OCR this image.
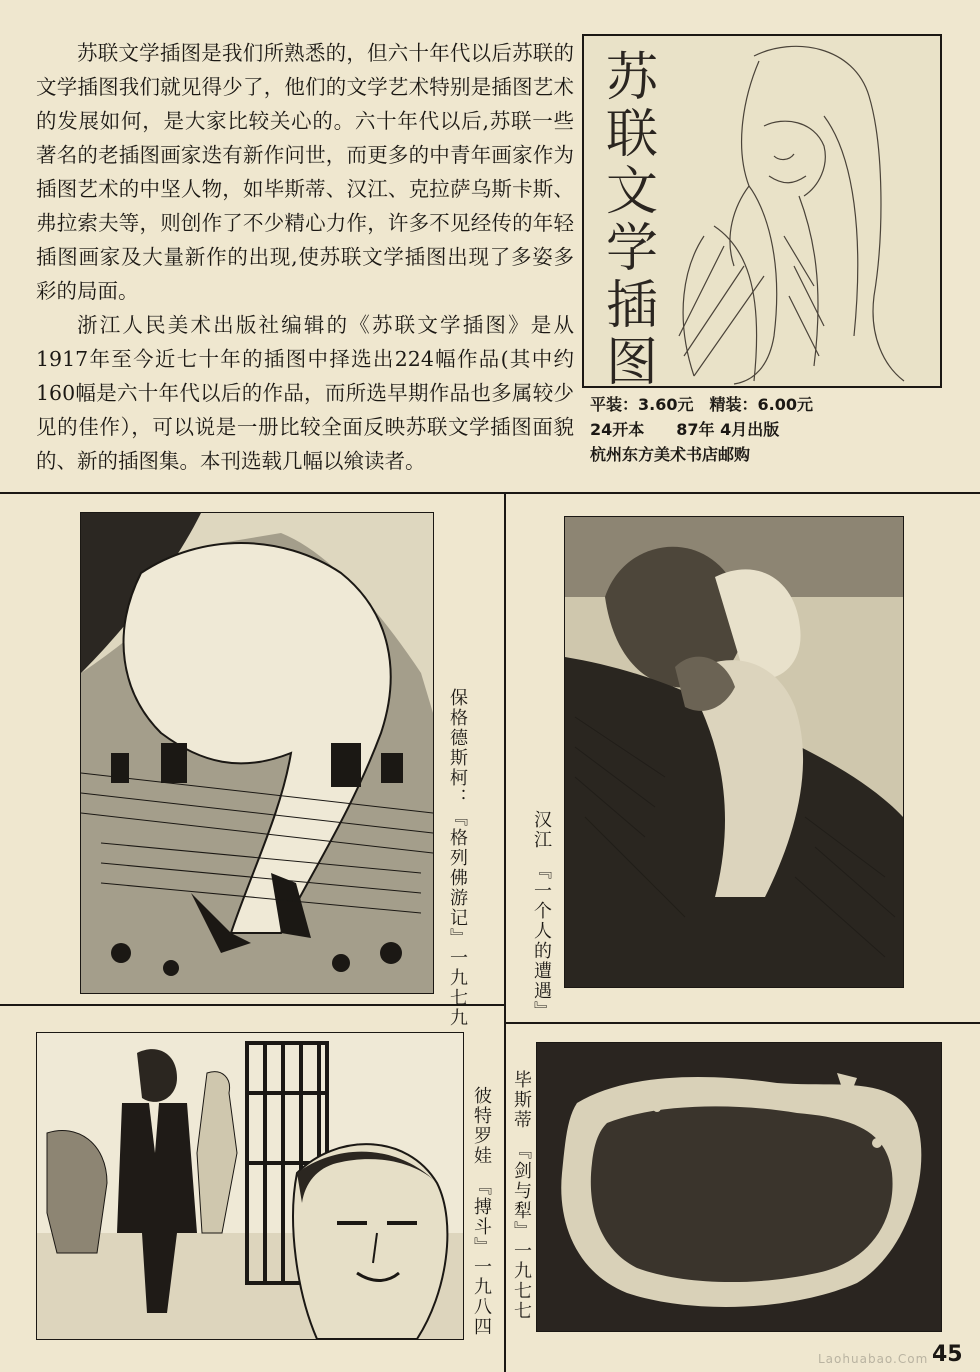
苏联文学插图是我们所熟悉的，但六十年代以后苏联的文学插图我们就见得少了，他们的文学艺术特别是插图艺术的发展如何，是大家比较关心的。六十年代以后,苏联一些著名的老插图画家迭有新作问世，而更多的中青年画家作为插图艺术的中坚人物，如毕斯蒂、汉江、克拉萨乌斯卡斯、弗拉索夫等，则创作了不少精心力作，许多不见经传的年轻插图画家及大量新作的出现,使苏联文学插图出现了多姿多彩的局面。

浙江人民美术出版社编辑的《苏联文学插图》是从1917年至今近七十年的插图中择选出224幅作品(其中约160幅是六十年代以后的作品，而所选早期作品也多属较少见的佳作），可以说是一册比较全面反映苏联文学插图面貌的、新的插图集。本刊选载几幅以飨读者。

苏联文学插图
平装：3.60元　精装：6.00元
24开本　　87年 4月出版
杭州东方美术书店邮购
保格德斯柯：『格列佛游记』一九七九	汉江　『一个人的遭遇』
彼特罗娃　『搏斗』一九八四 毕斯蒂　『剑与犁』一九七七
Laohuabao.Com 45
